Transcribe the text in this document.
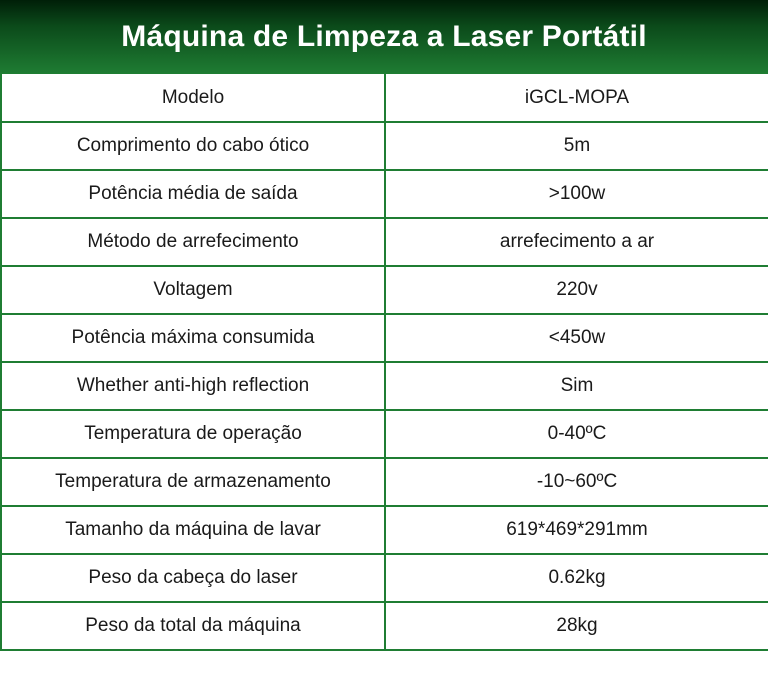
Máquina de Limpeza a Laser Portátil
Modelo	iGCL-MOPA
Comprimento do cabo ótico	5m
Potência média de saída	>100w
Método de arrefecimento	arrefecimento a ar
Voltagem	220v
Potência máxima consumida	<450w
Whether anti-high reflection	Sim
Temperatura de operação	0-40ºC
Temperatura de armazenamento	-10~60ºC
Tamanho da máquina de lavar	619*469*291mm
Peso da cabeça do laser	0.62kg
Peso da total da máquina	28kg
